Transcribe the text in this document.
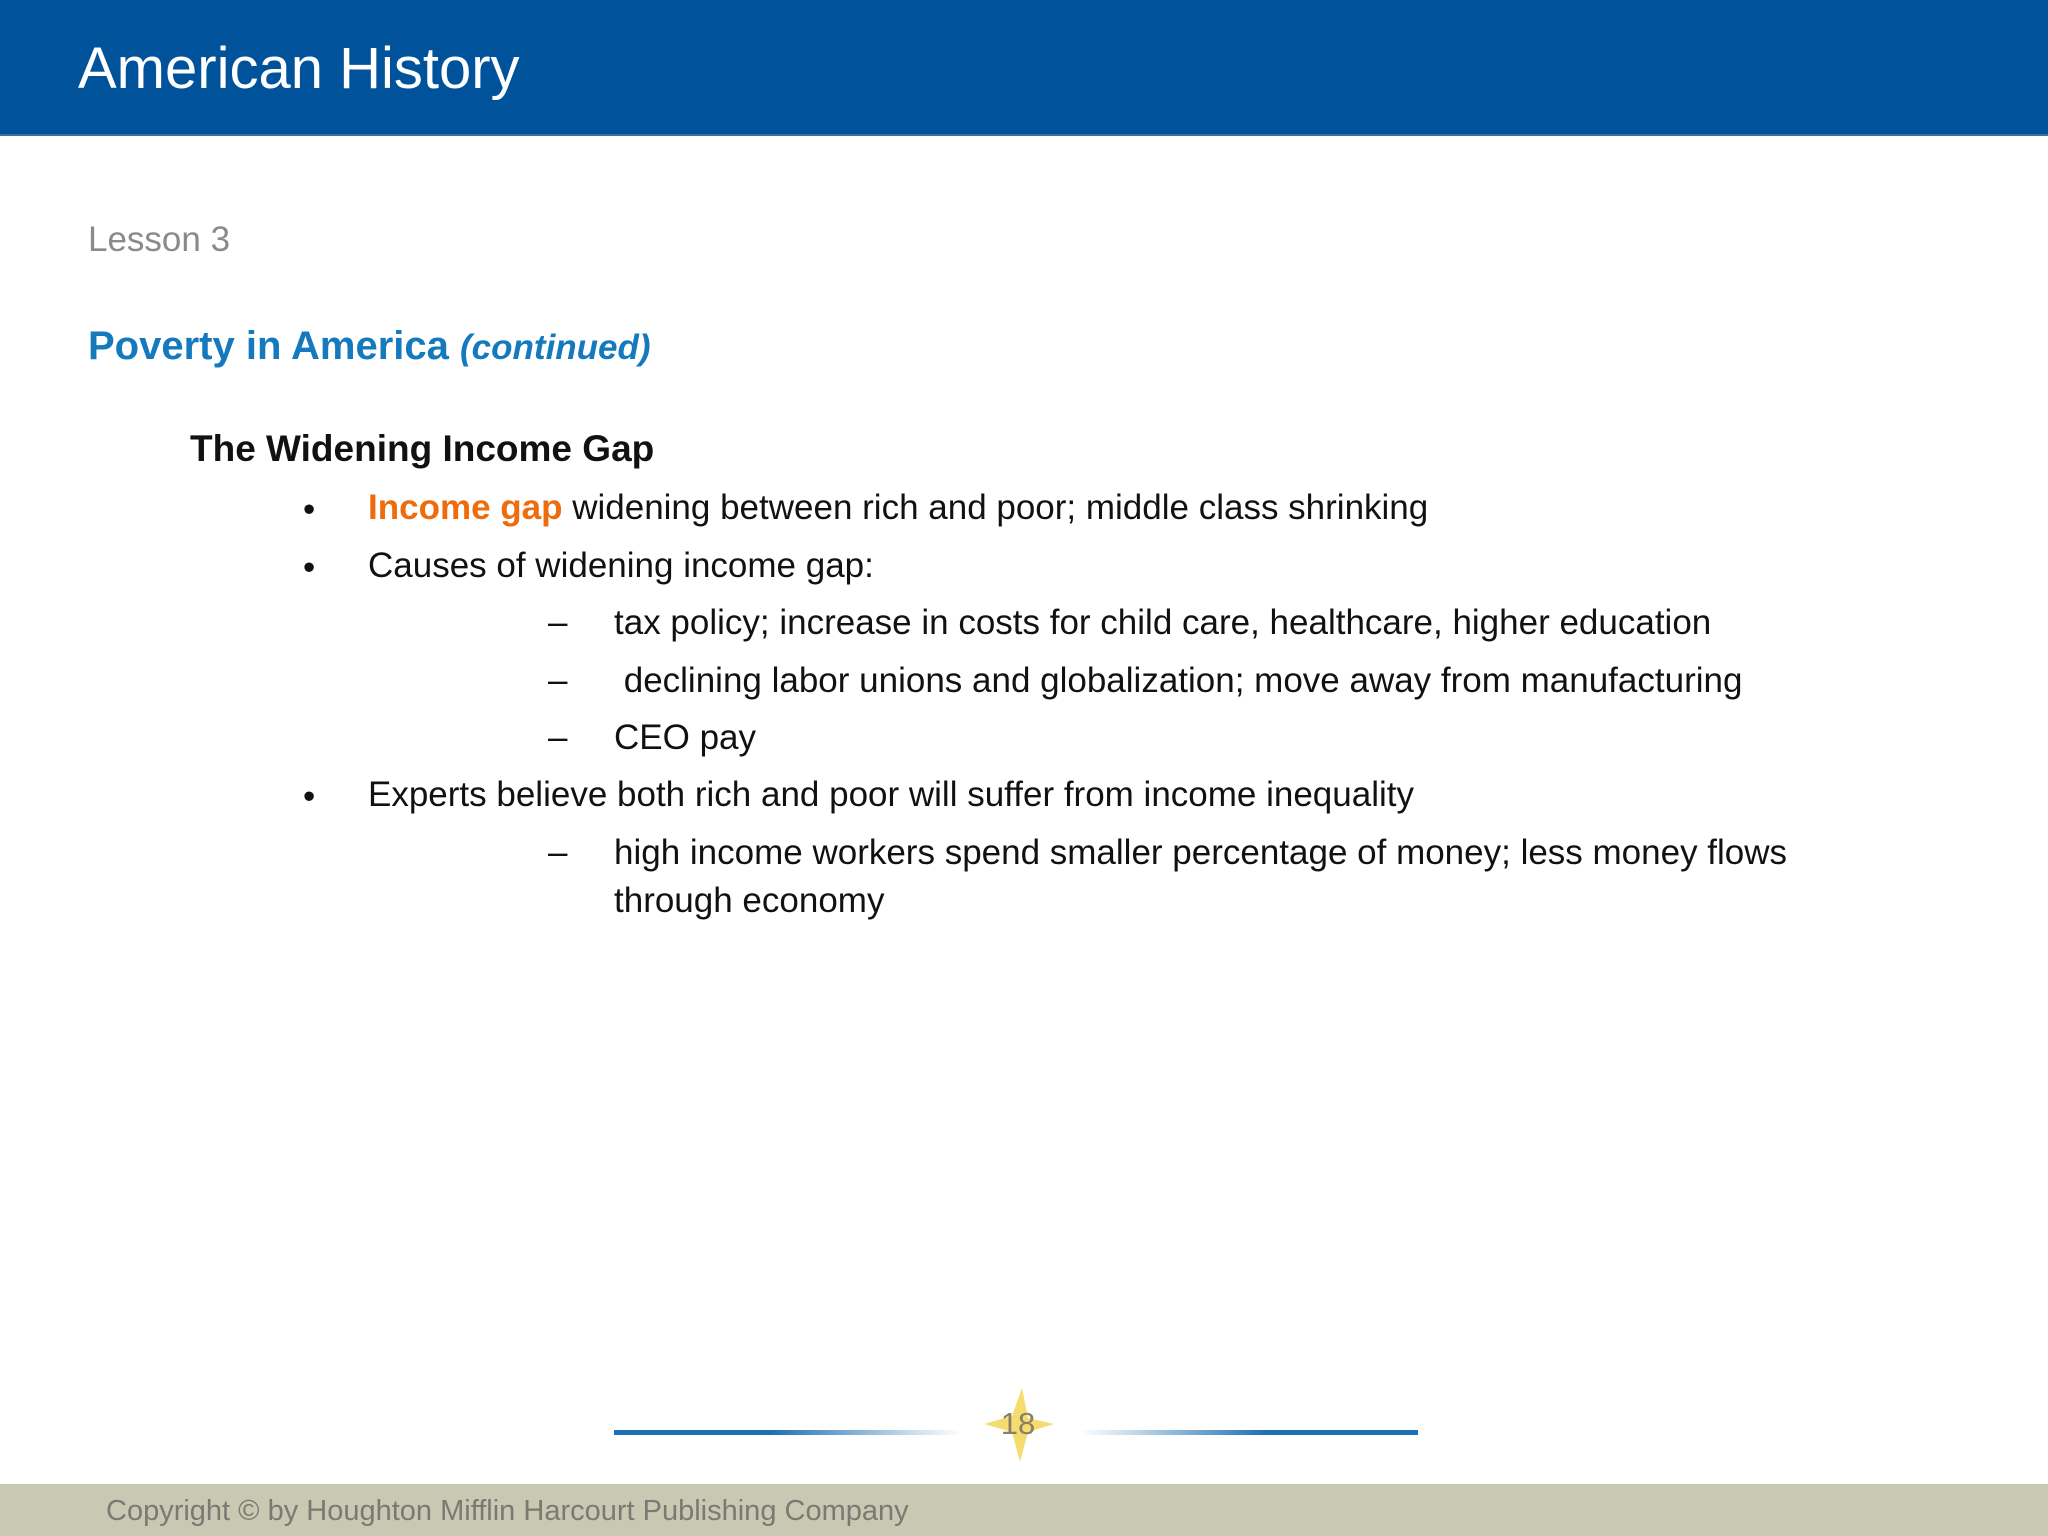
American History
Lesson 3
Poverty in America (continued)
The Widening Income Gap
• Income gap widening between rich and poor; middle class shrinking
• Causes of widening income gap:
– tax policy; increase in costs for child care, healthcare, higher education
– declining labor unions and globalization; move away from manufacturing
– CEO pay
• Experts believe both rich and poor will suffer from income inequality
– high income workers spend smaller percentage of money; less money flows
through economy
18
Copyright © by Houghton Mifflin Harcourt Publishing Company
